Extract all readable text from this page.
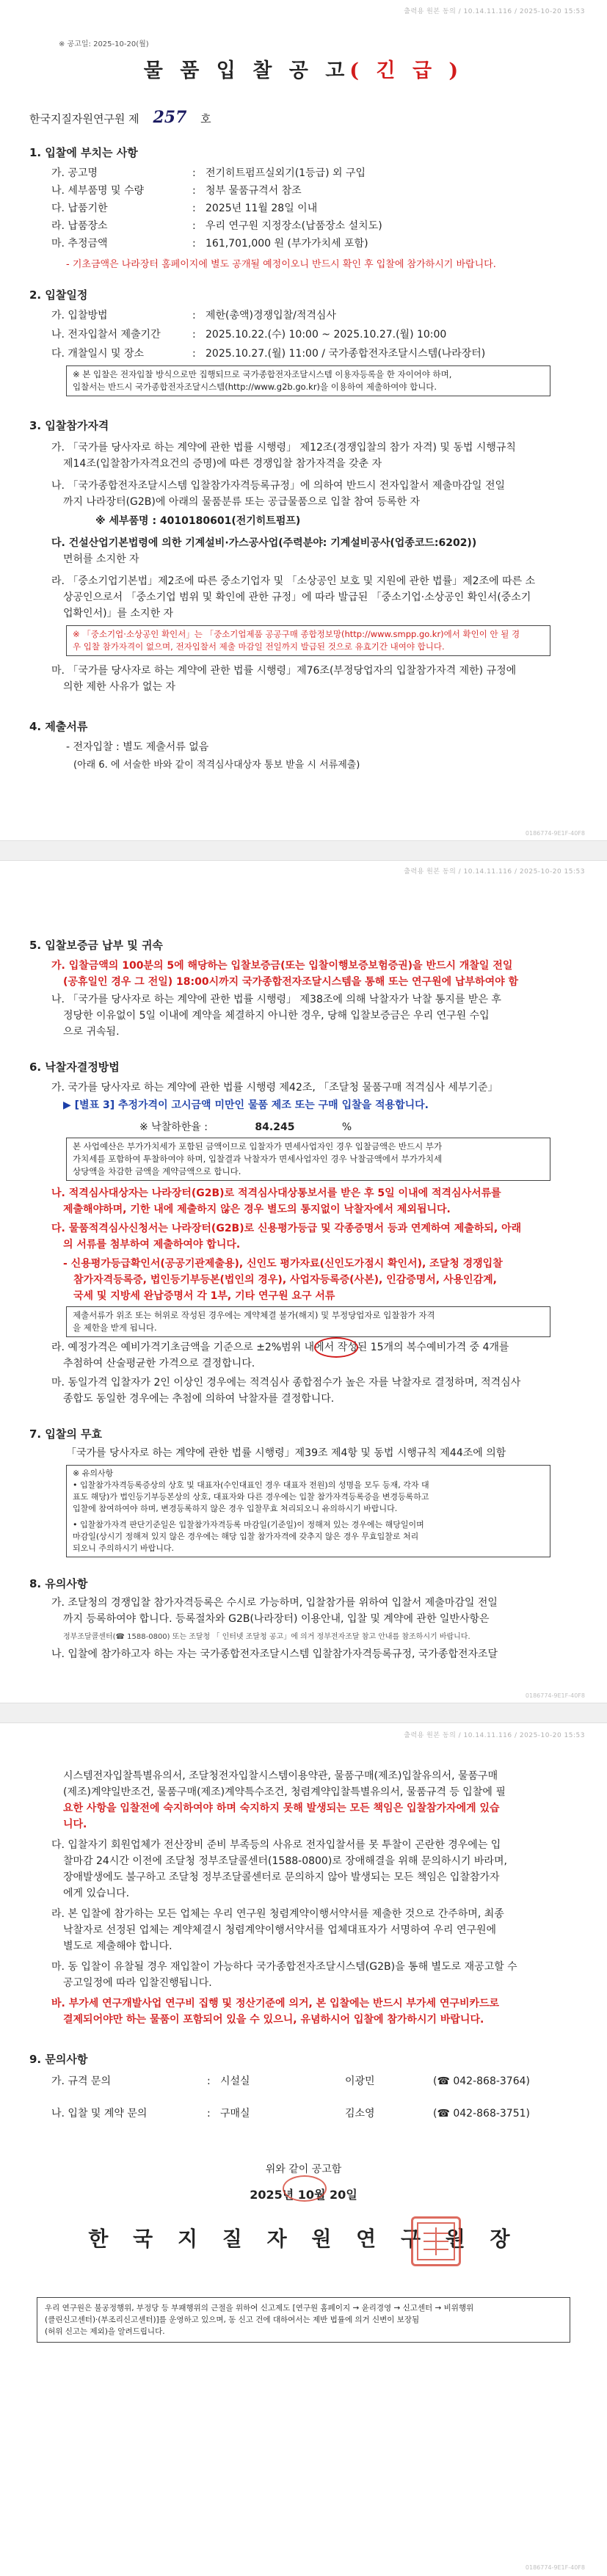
출력용 원본 동의 / 10.14.11.116 / 2025-10-20 15:53
0186774-9E1F-40F8
출력용 원본 동의 / 10.14.11.116 / 2025-10-20 15:53
0186774-9E1F-40F8
출력용 원본 동의 / 10.14.11.116 / 2025-10-20 15:53
0186774-9E1F-40F8
※ 공고일: 2025-10-20(월)
물 품 입 찰 공 고( 긴 급 )
한국지질자원연구원 제 257 호
1. 입찰에 부치는 사항
가. 공고명	: 전기히트펌프실외기(1등급) 외 구입
나. 세부품명 및 수량	: 청부 물품규격서 참조
다. 납품기한	: 2025년 11월 28일 이내
라. 납품장소	: 우리 연구원 지정장소(납품장소 설치도)
마. 추정금액	: 161,701,000 원 (부가가치세 포함)
- 기초금액은 나라장터 홈페이지에 별도 공개될 예정이오니 반드시 확인 후 입찰에 참가하시기 바랍니다.
2. 입찰일정
가. 입찰방법	: 제한(총액)경쟁입찰/적격심사
나. 전자입찰서 제출기간	: 2025.10.22.(수) 10:00 ~ 2025.10.27.(월) 10:00
다. 개찰일시 및 장소	: 2025.10.27.(월) 11:00 / 국가종합전자조달시스템(나라장터)
※ 본 입찰은 전자입찰 방식으로만 집행되므로 국가종합전자조달시스템 이용자등록을 한 자이어야 하며,
입찰서는 반드시 국가종합전자조달시스템(http://www.g2b.go.kr)을 이용하여 제출하여야 합니다.
3. 입찰참가자격
가. 「국가를 당사자로 하는 계약에 관한 법률 시행령」 제12조(경쟁입찰의 참가 자격) 및 동법 시행규칙
제14조(입찰참가자격요건의 증명)에 따른 경쟁입찰 참가자격을 갖춘 자
나. 「국가종합전자조달시스템 입찰참가자격등록규정」에 의하여 반드시 전자입찰서 제출마감일 전일
까지 나라장터(G2B)에 아래의 물품분류 또는 공급물품으로 입찰 참여 등록한 자
※ 세부품명 : 4010180601(전기히트펌프)
다. 건설산업기본법령에 의한 기계설비·가스공사업(주력분야: 기계설비공사(업종코드:6202))
면허를 소지한 자
라. 「중소기업기본법」제2조에 따른 중소기업자 및 「소상공인 보호 및 지원에 관한 법률」제2조에 따른 소
상공인으로서 「중소기업 범위 및 확인에 관한 규정」에 따라 발급된 「중소기업·소상공인 확인서(중소기
업확인서)」를 소지한 자
※ 「중소기업·소상공인 확인서」는 「중소기업제품 공공구매 종합정보망(http://www.smpp.go.kr)에서 확인이 안 될 경
우 입찰 참가자격이 없으며, 전자입찰서 제출 마감일 전일까지 발급된 것으로 유효기간 내여야 합니다.
마. 「국가를 당사자로 하는 계약에 관한 법률 시행령」제76조(부정당업자의 입찰참가자격 제한) 규정에
의한 제한 사유가 없는 자
4. 제출서류
- 전자입찰 : 별도 제출서류 없음
(아래 6. 에 서술한 바와 같이 적격심사대상자 통보 받을 시 서류제출)
5. 입찰보증금 납부 및 귀속
가. 입찰금액의 100분의 5에 해당하는 입찰보증금(또는 입찰이행보증보험증권)을 반드시 개찰일 전일
(공휴일인 경우 그 전일) 18:00시까지 국가종합전자조달시스템을 통해 또는 연구원에 납부하여야 함
나. 「국가를 당사자로 하는 계약에 관한 법률 시행령」 제38조에 의해 낙찰자가 낙찰 통지를 받은 후
정당한 이유없이 5일 이내에 계약을 체결하지 아니한 경우, 당해 입찰보증금은 우리 연구원 수입
으로 귀속됨.
6. 낙찰자결정방법
가. 국가를 당사자로 하는 계약에 관한 법률 시행령 제42조, 「조달청 물품구매 적격심사 세부기준」
▶ [별표 3] 추정가격이 고시금액 미만인 물품 제조 또는 구매 입찰을 적용합니다.
※ 낙찰하한율 :	84.245	%
본 사업예산은 부가가치세가 포함된 금액이므로 입찰자가 면세사업자인 경우 입찰금액은 반드시 부가
가치세를 포함하여 투찰하여야 하며, 입찰결과 낙찰자가 면세사업자인 경우 낙찰금액에서 부가가치세
상당액을 차감한 금액을 계약금액으로 합니다.
나. 적격심사대상자는 나라장터(G2B)로 적격심사대상통보서를 받은 후 5일 이내에 적격심사서류를
제출해야하며, 기한 내에 제출하지 않은 경우 별도의 통지없이 낙찰자에서 제외됩니다.
다. 물품적격심사신청서는 나라장터(G2B)로 신용평가등급 및 각종증명서 등과 연계하여 제출하되, 아래
의 서류를 첨부하여 제출하여야 합니다.
- 신용평가등급확인서(공공기관제출용), 신인도 평가자료(신인도가점시 확인서), 조달청 경쟁입찰
참가자격등록증, 법인등기부등본(법인의 경우), 사업자등록증(사본), 인감증명서, 사용인감계,
국세 및 지방세 완납증명서 각 1부, 기타 연구원 요구 서류
제출서류가 위조 또는 허위로 작성된 경우에는 계약체결 불가(해지) 및 부정당업자로 입찰참가 자격
을 제한을 받게 됩니다.
라. 예정가격은 예비가격기초금액을 기준으로 ±2%범위 내에서 작성된 15개의 복수예비가격 중 4개를
추첨하여 산술평균한 가격으로 결정합니다.
마. 동일가격 입찰자가 2인 이상인 경우에는 적격심사 종합점수가 높은 자를 낙찰자로 결정하며, 적격심사
종합도 동일한 경우에는 추첨에 의하여 낙찰자를 결정합니다.
7. 입찰의 무효
「국가를 당사자로 하는 계약에 관한 법률 시행령」제39조 제4항 및 동법 시행규칙 제44조에 의함
※ 유의사항
• 입찰참가자격등록증상의 상호 및 대표자(수인대표인 경우 대표자 전원)의 성명을 모두 등재, 각자 대
표도 해당)가 법인등기부등본상의 상호, 대표자와 다른 경우에는 입찰 참가자격등록증을 변경등록하고
입찰에 참여하여야 하며, 변경등록하지 않은 경우 입찰무효 처리되오니 유의하시기 바랍니다.
• 입찰참가자격 판단기준일은 입찰참가자격등록 마감일(기준일)이 정해져 있는 경우에는 해당일이며
마감일(상시기 정해져 있지 않은 경우에는 해당 입찰 참가자격에 갖추지 않은 경우 무효입찰로 처리
되오니 주의하시기 바랍니다.
8. 유의사항
가. 조달청의 경쟁입찰 참가자격등록은 수시로 가능하며, 입찰참가를 위하여 입찰서 제출마감일 전일
까지 등록하여야 합니다. 등록절차와 G2B(나라장터) 이용안내, 입찰 및 계약에 관한 일반사항은
정부조달콜센터(☎ 1588-0800) 또는 조달청 「 인터넷 조달청 공고」에 의거 정부전자조달 참고 안내를 참조하시기 바랍니다.
나. 입찰에 참가하고자 하는 자는 국가종합전자조달시스템 입찰참가자격등록규정, 국가종합전자조달
시스템전자입찰특별유의서, 조달청전자입찰시스템이용약관, 물품구매(제조)입찰유의서, 물품구매
(제조)계약일반조건, 물품구매(제조)계약특수조건, 청렴계약입찰특별유의서, 물품규격 등 입찰에 필
요한 사항을 입찰전에 숙지하여야 하며 숙지하지 못해 발생되는 모든 책임은 입찰참가자에게 있습
니다.
다. 입찰자기 회원업체가 전산장비 준비 부족등의 사유로 전자입찰서를 못 투찰이 곤란한 경우에는 입
찰마감 24시간 이전에 조달청 정부조달콜센터(1588-0800)로 장애해결을 위해 문의하시기 바라며,
장애발생에도 불구하고 조달청 정부조달콜센터로 문의하지 않아 발생되는 모든 책임은 입찰참가자
에게 있습니다.
라. 본 입찰에 참가하는 모든 업체는 우리 연구원 청렴계약이행서약서를 제출한 것으로 간주하며, 최종
낙찰자로 선정된 업체는 계약체결시 청렴계약이행서약서를 업체대표자가 서명하여 우리 연구원에
별도로 제출해야 합니다.
마. 동 입찰이 유찰될 경우 재입찰이 가능하다 국가종합전자조달시스템(G2B)을 통해 별도로 재공고할 수
공고일정에 따라 입찰진행됩니다.
바. 부가세 연구개발사업 연구비 집행 및 정산기준에 의거, 본 입찰에는 반드시 부가세 연구비카드로
결제되어야만 하는 물품이 포함되어 있을 수 있으니, 유념하시어 입찰에 참가하시기 바랍니다.
9. 문의사항
가. 규격 문의	: 시설실	이광민	(☎ 042-868-3764)
나. 입찰 및 계약 문의	: 구매실	김소영	(☎ 042-868-3751)
위와 같이 공고함
2025년 10월 20일
한 국 지 질 자 원 연 구 원 장
우리 연구원은 불공정행위, 부정당 등 부패행위의 근절을 위하여 신고제도 [연구원 홈페이지 → 윤리경영 → 신고센터 → 비위행위
(클린신고센터)·(부조리신고센터)]를 운영하고 있으며, 동 신고 건에 대하여서는 제반 법률에 의거 신변이 보장됨
(허위 신고는 제외)을 알려드립니다.
